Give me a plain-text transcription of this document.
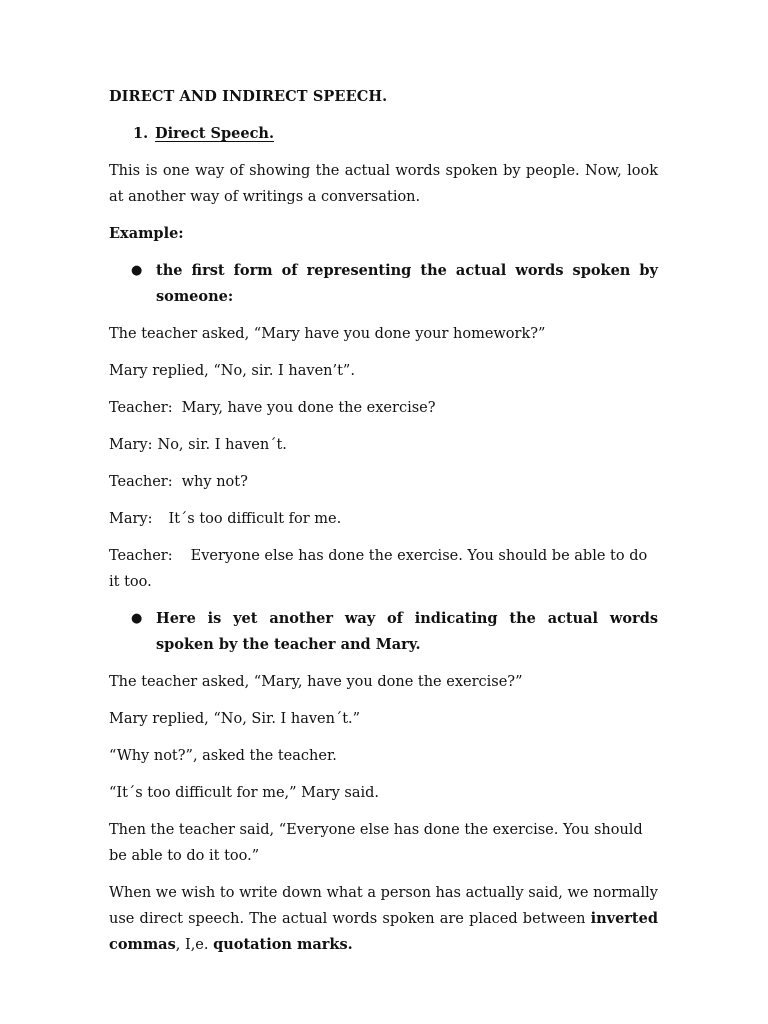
DIRECT AND INDIRECT SPEECH.
1. Direct Speech.

This is one way of showing the actual words spoken by people. Now, look at another way of writings a conversation.

Example:

● the first form of representing the actual words spoken by someone:

The teacher asked, “Mary have you done your homework?”

Mary replied, “No, sir. I haven’t”.

Teacher: Mary, have you done the exercise?

Mary: No, sir. I haven´t.

Teacher: why not?

Mary: It´s too difficult for me.

Teacher: Everyone else has done the exercise. You should be able to do it too.

● Here is yet another way of indicating the actual words spoken by the teacher and Mary.

The teacher asked, “Mary, have you done the exercise?”

Mary replied, “No, Sir. I haven´t.”

“Why not?”, asked the teacher.

“It´s too difficult for me,” Mary said.

Then the teacher said, “Everyone else has done the exercise. You should be able to do it too.”

When we wish to write down what a person has actually said, we normally use direct speech. The actual words spoken are placed between inverted commas, I,e. quotation marks.
